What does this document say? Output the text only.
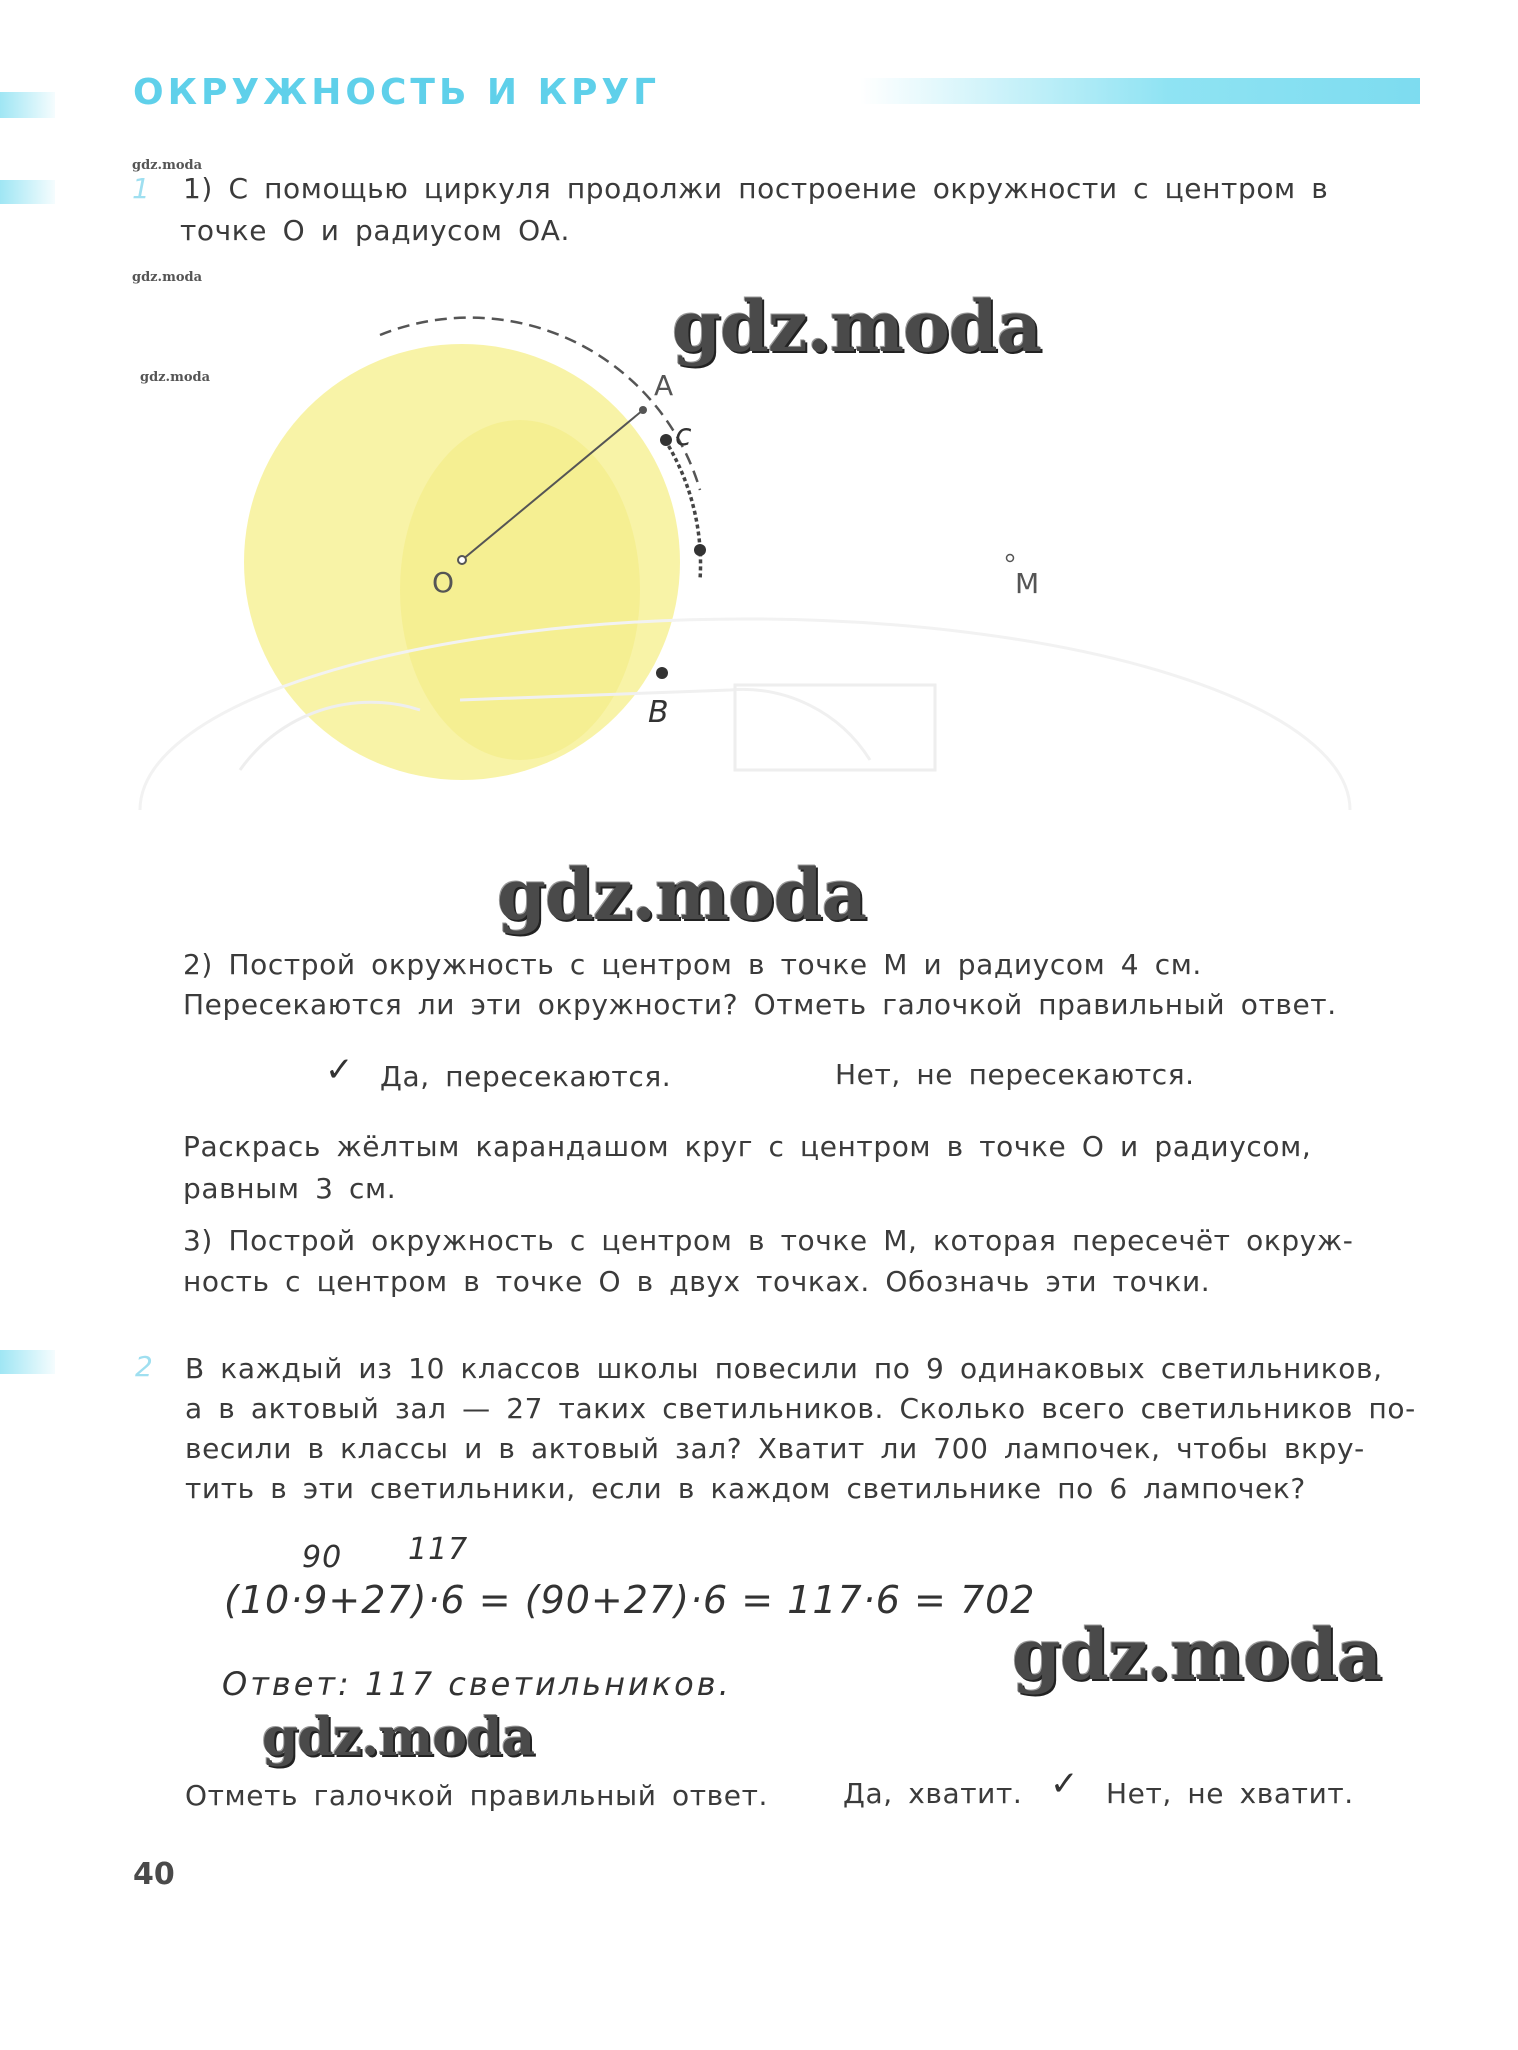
ОКРУЖНОСТЬ И КРУГ
gdz.moda
gdz.moda
gdz.moda
1 1) С помощью циркуля продолжи построение окружности с центром в
точке О и радиусом ОА.
A
c
O
B
M
gdz.moda
gdz.moda
2) Построй окружность с центром в точке М и радиусом 4 см.
Пересекаются ли эти окружности? Отметь галочкой правильный ответ.
✓ Да, пересекаются.	Нет, не пересекаются.
Раскрась жёлтым карандашом круг с центром в точке О и радиусом,
равным 3 см.
3) Построй окружность с центром в точке М, которая пересечёт окруж-
ность с центром в точке О в двух точках. Обозначь эти точки.
2 В каждый из 10 классов школы повесили по 9 одинаковых светильников,
а в актовый зал — 27 таких светильников. Сколько всего светильников по-
весили в классы и в актовый зал? Хватит ли 700 лампочек, чтобы вкру-
тить в эти светильники, если в каждом светильнике по 6 лампочек?
90 117
(10·9+27)·6 = (90+27)·6 = 117·6 = 702
Ответ: 117 светильников.	gdz.moda
gdz.moda
Отметь галочкой правильный ответ.	Да, хватит. ✓ Нет, не хватит.
40
